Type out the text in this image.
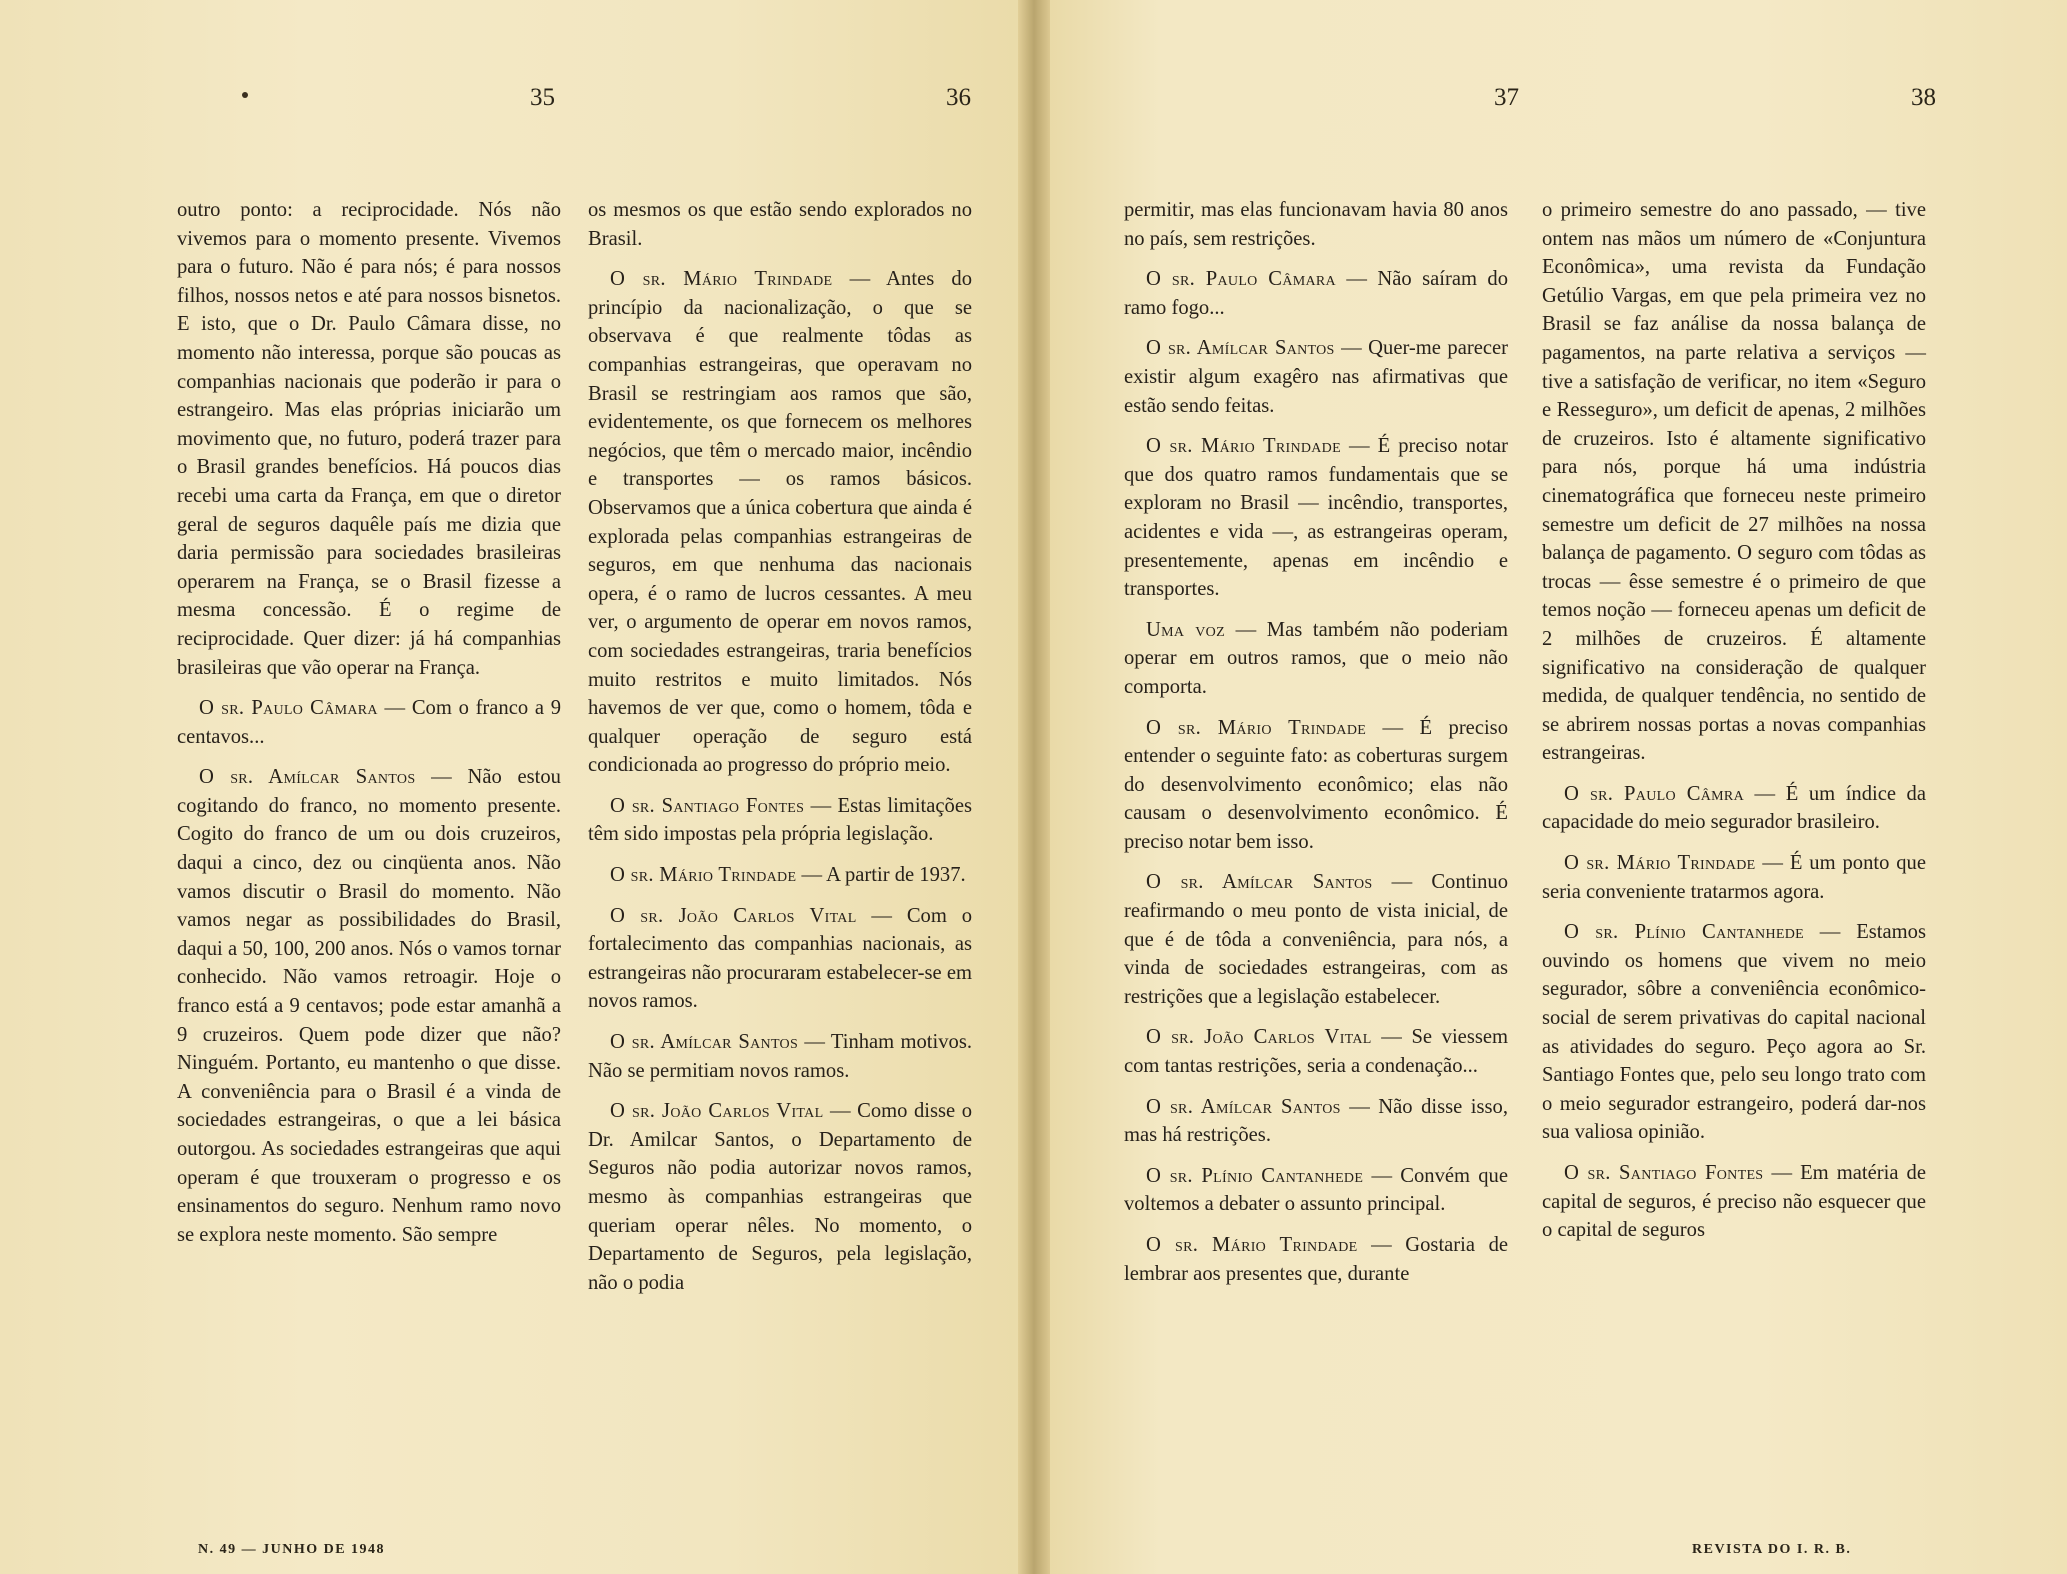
35	36	37	38

outro ponto: a reciprocidade. Nós não vivemos para o momento presente. Vivemos para o futuro. Não é para nós; é para nossos filhos, nossos netos e até para nossos bisnetos. E isto, que o Dr. Paulo Câmara disse, no momento não interessa, porque são poucas as companhias nacionais que poderão ir para o estrangeiro. Mas elas próprias iniciarão um movimento que, no futuro, poderá trazer para o Brasil grandes benefícios. Há poucos dias recebi uma carta da França, em que o diretor geral de seguros daquêle país me dizia que daria permissão para sociedades brasileiras operarem na França, se o Brasil fizesse a mesma concessão. É o regime de reciprocidade. Quer dizer: já há companhias brasileiras que vão operar na França.

O sr. Paulo Câmara — Com o franco a 9 centavos...

O sr. Amílcar Santos — Não estou cogitando do franco, no momento presente. Cogito do franco de um ou dois cruzeiros, daqui a cinco, dez ou cinqüenta anos. Não vamos discutir o Brasil do momento. Não vamos negar as possibilidades do Brasil, daqui a 50, 100, 200 anos. Nós o vamos tornar conhecido. Não vamos retroagir. Hoje o franco está a 9 centavos; pode estar amanhã a 9 cruzeiros. Quem pode dizer que não? Ninguém. Portanto, eu mantenho o que disse. A conveniência para o Brasil é a vinda de sociedades estrangeiras, o que a lei básica outorgou. As sociedades estrangeiras que aqui operam é que trouxeram o progresso e os ensinamentos do seguro. Nenhum ramo novo se explora neste momento. São sempre

os mesmos os que estão sendo explorados no Brasil.

O sr. Mário Trindade — Antes do princípio da nacionalização, o que se observava é que realmente tôdas as companhias estrangeiras, que operavam no Brasil se restringiam aos ramos que são, evidentemente, os que fornecem os melhores negócios, que têm o mercado maior, incêndio e transportes — os ramos básicos. Observamos que a única cobertura que ainda é explorada pelas companhias estrangeiras de seguros, em que nenhuma das nacionais opera, é o ramo de lucros cessantes. A meu ver, o argumento de operar em novos ramos, com sociedades estrangeiras, traria benefícios muito restritos e muito limitados. Nós havemos de ver que, como o homem, tôda e qualquer operação de seguro está condicionada ao progresso do próprio meio.

O sr. Santiago Fontes — Estas limitações têm sido impostas pela própria legislação.

O sr. Mário Trindade — A partir de 1937.

O sr. João Carlos Vital — Com o fortalecimento das companhias nacionais, as estrangeiras não procuraram estabelecer-se em novos ramos.

O sr. Amílcar Santos — Tinham motivos. Não se permitiam novos ramos.

O sr. João Carlos Vital — Como disse o Dr. Amilcar Santos, o Departamento de Seguros não podia autorizar novos ramos, mesmo às companhias estrangeiras que queriam operar nêles. No momento, o Departamento de Seguros, pela legislação, não o podia

permitir, mas elas funcionavam havia 80 anos no país, sem restrições.

O sr. Paulo Câmara — Não saíram do ramo fogo...

O sr. Amílcar Santos — Quer-me parecer existir algum exagêro nas afirmativas que estão sendo feitas.

O sr. Mário Trindade — É preciso notar que dos quatro ramos fundamentais que se exploram no Brasil — incêndio, transportes, acidentes e vida —, as estrangeiras operam, presentemente, apenas em incêndio e transportes.

Uma voz — Mas também não poderiam operar em outros ramos, que o meio não comporta.

O sr. Mário Trindade — É preciso entender o seguinte fato: as coberturas surgem do desenvolvimento econômico; elas não causam o desenvolvimento econômico. É preciso notar bem isso.

O sr. Amílcar Santos — Continuo reafirmando o meu ponto de vista inicial, de que é de tôda a conveniência, para nós, a vinda de sociedades estrangeiras, com as restrições que a legislação estabelecer.

O sr. João Carlos Vital — Se viessem com tantas restrições, seria a condenação...

O sr. Amílcar Santos — Não disse isso, mas há restrições.

O sr. Plínio Cantanhede — Convém que voltemos a debater o assunto principal.

O sr. Mário Trindade — Gostaria de lembrar aos presentes que, durante

o primeiro semestre do ano passado, — tive ontem nas mãos um número de «Conjuntura Econômica», uma revista da Fundação Getúlio Vargas, em que pela primeira vez no Brasil se faz análise da nossa balança de pagamentos, na parte relativa a serviços — tive a satisfação de verificar, no item «Seguro e Resseguro», um deficit de apenas, 2 milhões de cruzeiros. Isto é altamente significativo para nós, porque há uma indústria cinematográfica que forneceu neste primeiro semestre um deficit de 27 milhões na nossa balança de pagamento. O seguro com tôdas as trocas — êsse semestre é o primeiro de que temos noção — forneceu apenas um deficit de 2 milhões de cruzeiros. É altamente significativo na consideração de qualquer medida, de qualquer tendência, no sentido de se abrirem nossas portas a novas companhias estrangeiras.

O sr. Paulo Câmra — É um índice da capacidade do meio segurador brasileiro.

O sr. Mário Trindade — É um ponto que seria conveniente tratarmos agora.

O sr. Plínio Cantanhede — Estamos ouvindo os homens que vivem no meio segurador, sôbre a conveniência econômico-social de serem privativas do capital nacional as atividades do seguro. Peço agora ao Sr. Santiago Fontes que, pelo seu longo trato com o meio segurador estrangeiro, poderá dar-nos sua valiosa opinião.

O sr. Santiago Fontes — Em matéria de capital de seguros, é preciso não esquecer que o capital de seguros

N. 49 — JUNHO DE 1948	REVISTA DO I. R. B.
